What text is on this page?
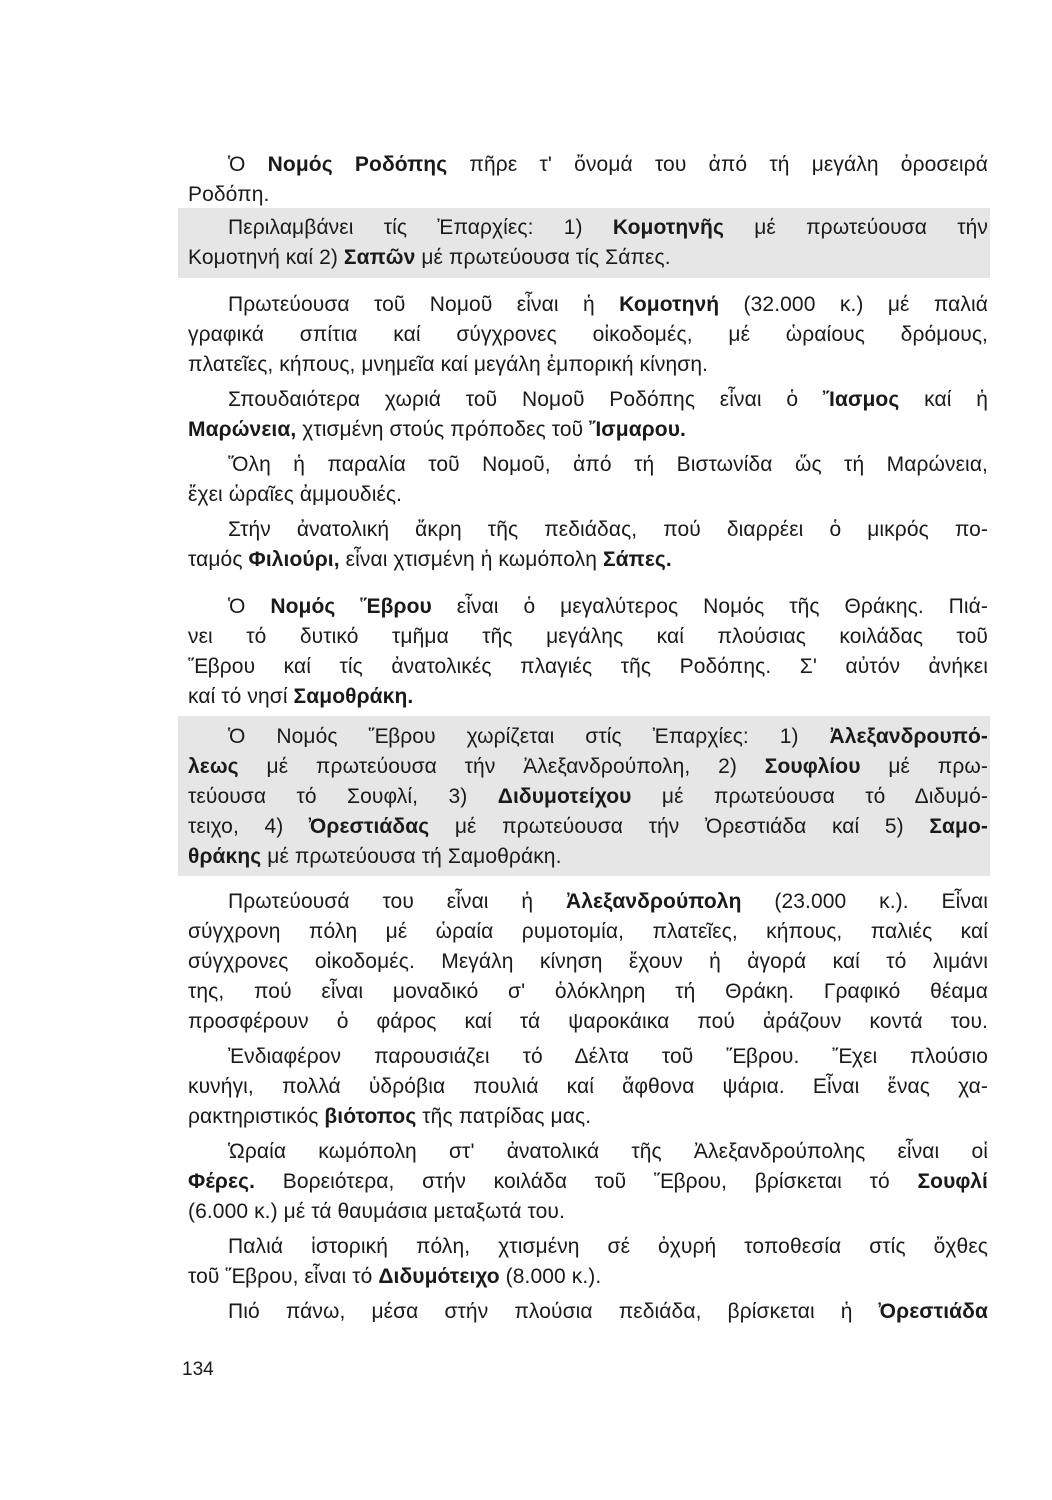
Ὁ Νομός Ροδόπης πῆρε τ' ὄνομά του ἀπό τή μεγάλη ὀροσειρά
Ροδόπη.
Περιλαμβάνει τίς Ἐπαρχίες: 1) Κομοτηνῆς μέ πρωτεύουσα τήν
Κομοτηνή καί 2) Σαπῶν μέ πρωτεύουσα τίς Σάπες.
Πρωτεύουσα τοῦ Νομοῦ εἶναι ἡ Κομοτηνή (32.000 κ.) μέ παλιά
γραφικά σπίτια καί σύγχρονες οἰκοδομές, μέ ὡραίους δρόμους,
πλατεῖες, κήπους, μνημεῖα καί μεγάλη ἐμπορική κίνηση.
Σπουδαιότερα χωριά τοῦ Νομοῦ Ροδόπης εἶναι ὁ Ἴασμος καί ἡ
Μαρώνεια, χτισμένη στούς πρόποδες τοῦ Ἴσμαρου.
Ὅλη ἡ παραλία τοῦ Νομοῦ, ἀπό τή Βιστωνίδα ὥς τή Μαρώνεια,
ἔχει ὡραῖες ἀμμουδιές.
Στήν ἀνατολική ἄκρη τῆς πεδιάδας, πού διαρρέει ὁ μικρός πο-
ταμός Φιλιούρι, εἶναι χτισμένη ἡ κωμόπολη Σάπες.
Ὁ Νομός Ἕβρου εἶναι ὁ μεγαλύτερος Νομός τῆς Θράκης. Πιά-
νει τό δυτικό τμῆμα τῆς μεγάλης καί πλούσιας κοιλάδας τοῦ
Ἕβρου καί τίς ἀνατολικές πλαγιές τῆς Ροδόπης. Σ' αὐτόν ἀνήκει
καί τό νησί Σαμοθράκη.
Ὁ Νομός Ἕβρου χωρίζεται στίς Ἐπαρχίες: 1) Ἀλεξανδρουπό-
λεως μέ πρωτεύουσα τήν Ἀλεξανδρούπολη, 2) Σουφλίου μέ πρω-
τεύουσα τό Σουφλί, 3) Διδυμοτείχου μέ πρωτεύουσα τό Διδυμό-
τειχο, 4) Ὀρεστιάδας μέ πρωτεύουσα τήν Ὀρεστιάδα καί 5) Σαμο-
θράκης μέ πρωτεύουσα τή Σαμοθράκη.
Πρωτεύουσά του εἶναι ἡ Ἀλεξανδρούπολη (23.000 κ.). Εἶναι
σύγχρονη πόλη μέ ὡραία ρυμοτομία, πλατεῖες, κήπους, παλιές καί
σύγχρονες οἰκοδομές. Μεγάλη κίνηση ἔχουν ἡ ἀγορά καί τό λιμάνι
της, πού εἶναι μοναδικό σ' ὁλόκληρη τή Θράκη. Γραφικό θέαμα
προσφέρουν ὁ φάρος καί τά ψαροκάικα πού ἀράζουν κοντά του.
Ἐνδιαφέρον παρουσιάζει τό Δέλτα τοῦ Ἕβρου. Ἔχει πλούσιο
κυνήγι, πολλά ὑδρόβια πουλιά καί ἄφθονα ψάρια. Εἶναι ἕνας χα-
ρακτηριστικός βιότοπος τῆς πατρίδας μας.
Ὡραία κωμόπολη στ' ἀνατολικά τῆς Ἀλεξανδρούπολης εἶναι οἱ
Φέρες. Βορειότερα, στήν κοιλάδα τοῦ Ἕβρου, βρίσκεται τό Σουφλί
(6.000 κ.) μέ τά θαυμάσια μεταξωτά του.
Παλιά ἱστορική πόλη, χτισμένη σέ ὀχυρή τοποθεσία στίς ὄχθες
τοῦ Ἕβρου, εἶναι τό Διδυμότειχο (8.000 κ.).
Πιό πάνω, μέσα στήν πλούσια πεδιάδα, βρίσκεται ἡ Ὀρεστιάδα
134
